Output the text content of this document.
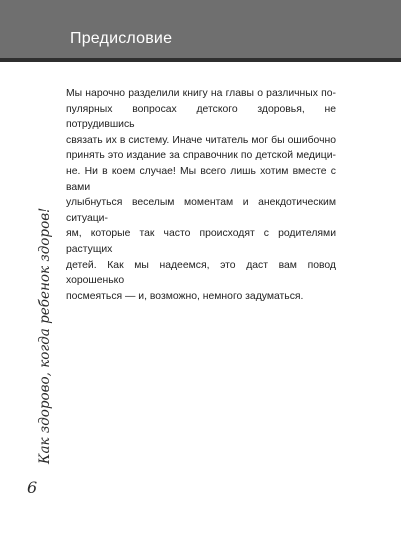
Предисловие

Мы нарочно разделили книгу на главы о различных по-
пулярных вопросах детского здоровья, не потрудившись
связать их в систему. Иначе читатель мог бы ошибочно
принять это издание за справочник по детской медици-
не. Ни в коем случае! Мы всего лишь хотим вместе с вами
улыбнуться веселым моментам и анекдотическим ситуаци-
ям, которые так часто происходят с родителями растущих
детей. Как мы надеемся, это даст вам повод хорошенько
посмеяться — и, возможно, немного задуматься.

Как здорово, когда ребенок здоров!
6
